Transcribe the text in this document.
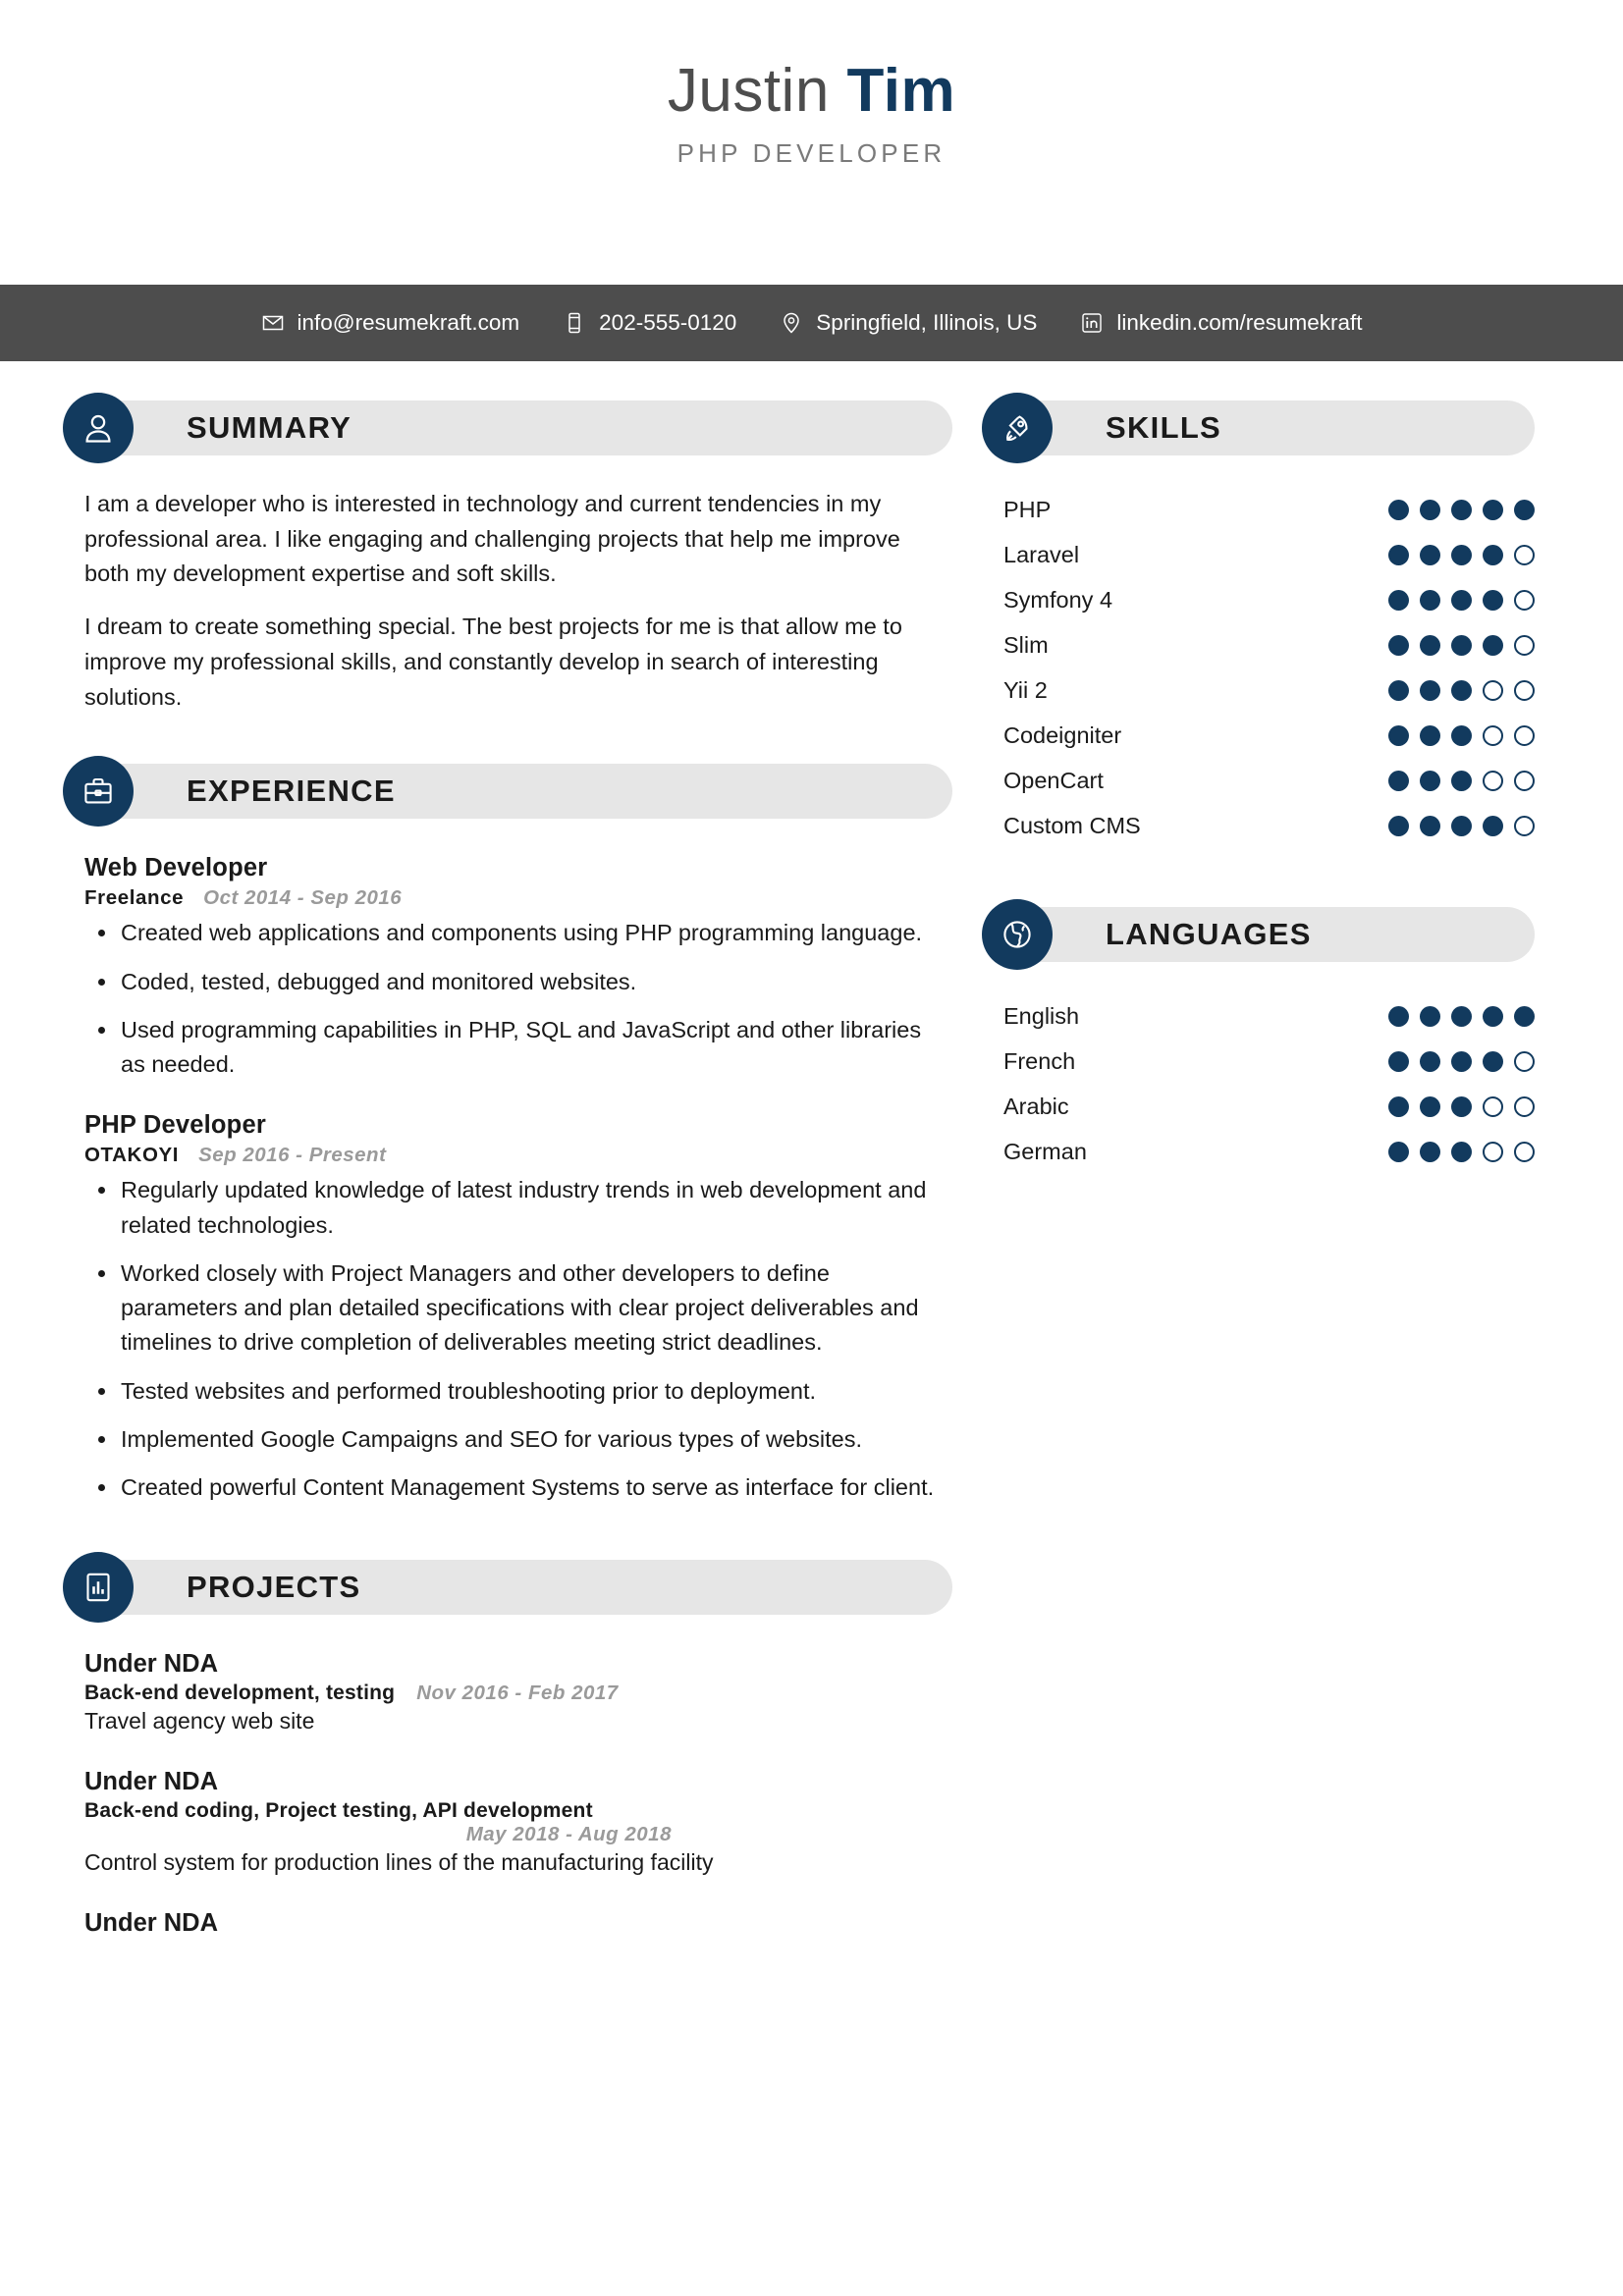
Justin Tim
PHP DEVELOPER
info@resumekraft.com	202-555-0120	Springfield, Illinois, US	linkedin.com/resumekraft
SUMMARY

I am a developer who is interested in technology and current tendencies in my professional area. I like engaging and challenging projects that help me improve both my development expertise and soft skills.

I dream to create something special. The best projects for me is that allow me to improve my professional skills, and constantly develop in search of interesting solutions.

EXPERIENCE
Web Developer
Freelance Oct 2014 - Sep 2016
Created web applications and components using PHP programming language.
Coded, tested, debugged and monitored websites.
Used programming capabilities in PHP, SQL and JavaScript and other libraries as needed.
PHP Developer
OTAKOYI Sep 2016 - Present
Regularly updated knowledge of latest industry trends in web development and related technologies.
Worked closely with Project Managers and other developers to define parameters and plan detailed specifications with clear project deliverables and timelines to drive completion of deliverables meeting strict deadlines.
Tested websites and performed troubleshooting prior to deployment.
Implemented Google Campaigns and SEO for various types of websites.
Created powerful Content Management Systems to serve as interface for client.
PROJECTS
Under NDA
Back-end development, testing Nov 2016 - Feb 2017
Travel agency web site
Under NDA
Back-end coding, Project testing, API development
May 2018 - Aug 2018
Control system for production lines of the manufacturing facility
Under NDA
SKILLS
PHP
Laravel
Symfony 4
Slim
Yii 2
Codeigniter
OpenCart
Custom CMS
LANGUAGES
English
French
Arabic
German
